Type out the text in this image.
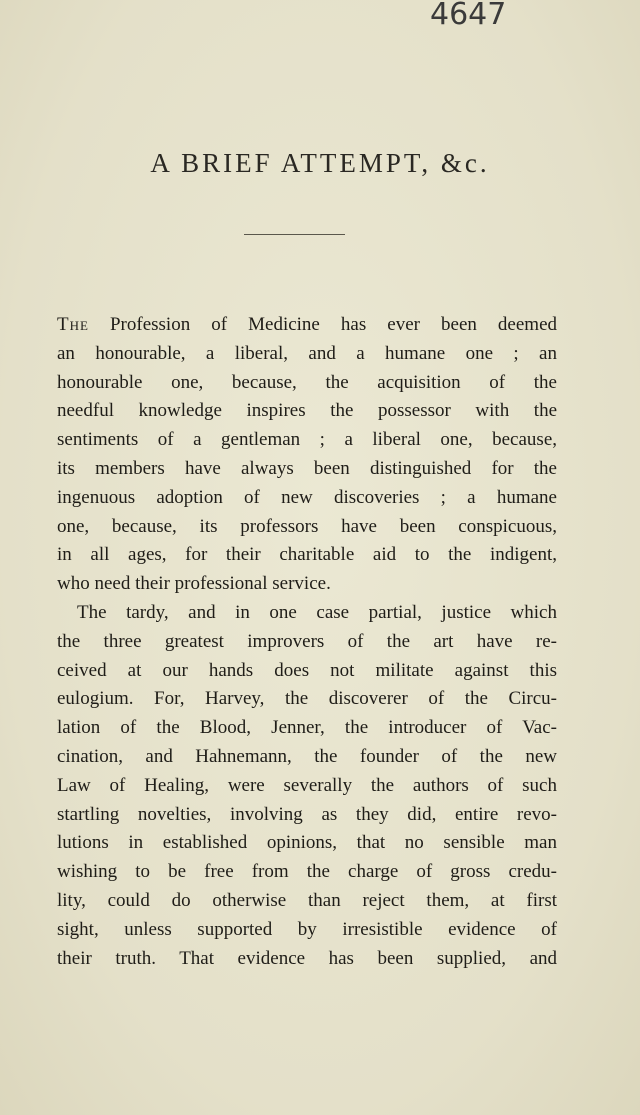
4647
A BRIEF ATTEMPT, &c.

The Profession of Medicine has ever been deemed
an honourable, a liberal, and a humane one ; an
honourable one, because, the acquisition of the
needful knowledge inspires the possessor with the
sentiments of a gentleman ; a liberal one, because,
its members have always been distinguished for the
ingenuous adoption of new discoveries ; a humane
one, because, its professors have been conspicuous,
in all ages, for their charitable aid to the indigent,
who need their professional service.

The tardy, and in one case partial, justice which
the three greatest improvers of the art have re-
ceived at our hands does not militate against this
eulogium. For, Harvey, the discoverer of the Circu-
lation of the Blood, Jenner, the introducer of Vac-
cination, and Hahnemann, the founder of the new
Law of Healing, were severally the authors of such
startling novelties, involving as they did, entire revo-
lutions in established opinions, that no sensible man
wishing to be free from the charge of gross credu-
lity, could do otherwise than reject them, at first
sight, unless supported by irresistible evidence of
their truth. That evidence has been supplied, and
